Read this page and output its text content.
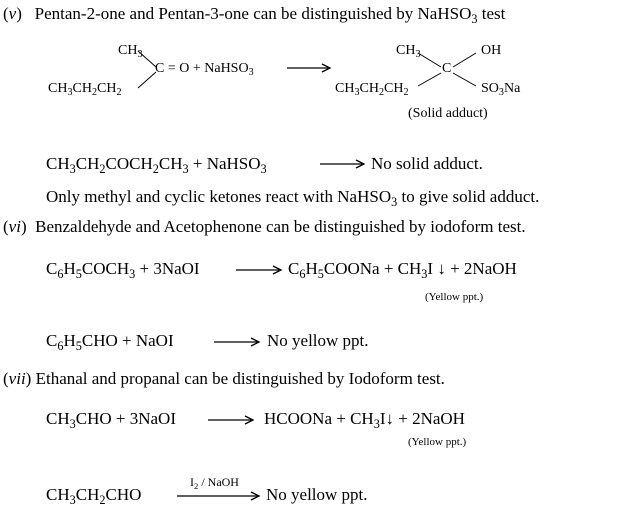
(v)   Pentan-2-one and Pentan-3-one can be distinguished by NaHSO$_3$ test
$CH_3$
$CH_3CH_2CH_2$
C = O + NaHSO$_3$
$CH_3$	OH
C
$CH_3CH_2CH_2$	$SO_3Na$
(Solid adduct)
$CH_3CH_2COCH_2CH_3$ + NaHSO$_3$	No solid adduct.
Only methyl and cyclic ketones react with NaHSO$_3$ to give solid adduct.
(vi)  Benzaldehyde and Acetophenone can be distinguished by iodoform test.
$C_6H_5COCH_3$ + 3NaOI	$C_6H_5COONa + CH_3I$ ↓ + 2NaOH
(Yellow ppt.)
$C_6H_5CHO$ + NaOI	No yellow ppt.
(vii) Ethanal and propanal can be distinguished by Iodoform test.
$CH_3CHO$ + 3NaOI	HCOONa + $CH_3I↓$ + 2NaOH
(Yellow ppt.)
$CH_3CH_2CHO$
$I_2$ / NaOH
No yellow ppt.
